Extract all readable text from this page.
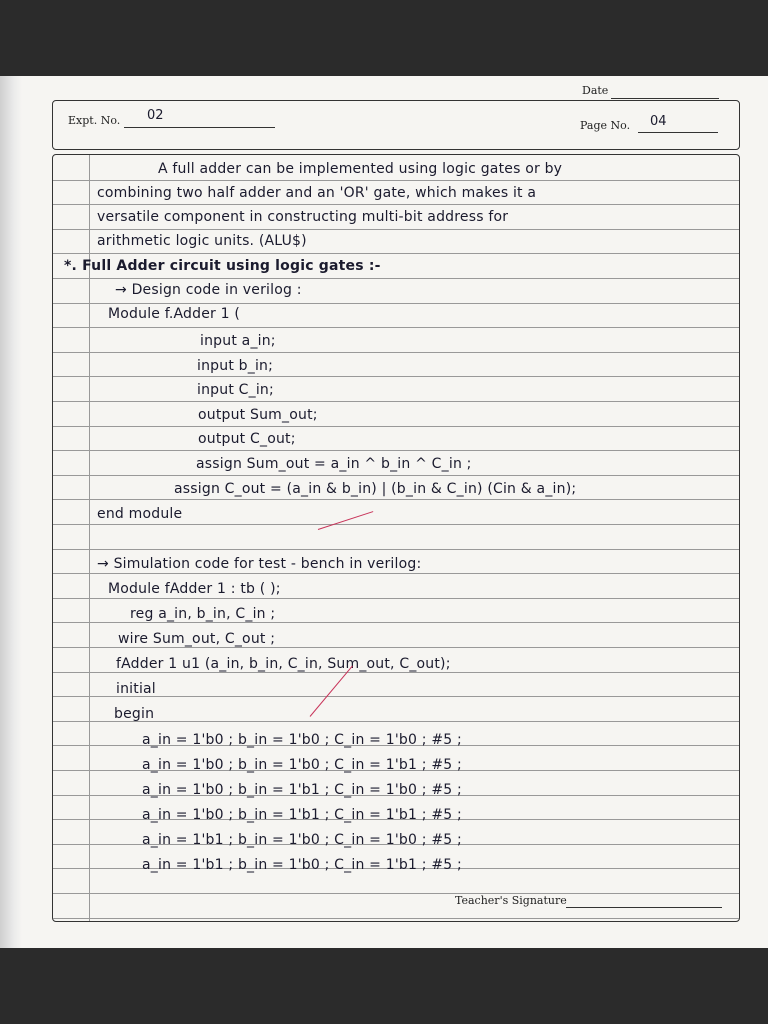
Date
Expt. No. 02
Page No. 04
A full adder can be implemented using logic gates or by
combining two half adder and an 'OR' gate, which makes it a
versatile component in constructing multi-bit address for
arithmetic logic units. (ALU$)
*. Full Adder circuit using logic gates :-
→ Design code in verilog :
Module f.Adder 1 (
input a_in;
input b_in;
input C_in;
output Sum_out;
output C_out;
assign Sum_out = a_in ^ b_in ^ C_in ;
assign C_out = (a_in & b_in) | (b_in & C_in) (Cin & a_in);
end module
→ Simulation code for test - bench in verilog:
Module fAdder 1 : tb ( );
reg a_in, b_in, C_in ;
wire Sum_out, C_out ;
fAdder 1 u1 (a_in, b_in, C_in, Sum_out, C_out);
initial
begin
a_in = 1'b0 ; b_in = 1'b0 ; C_in = 1'b0 ; #5 ;
a_in = 1'b0 ; b_in = 1'b0 ; C_in = 1'b1 ; #5 ;
a_in = 1'b0 ; b_in = 1'b1 ; C_in = 1'b0 ; #5 ;
a_in = 1'b0 ; b_in = 1'b1 ; C_in = 1'b1 ; #5 ;
a_in = 1'b1 ; b_in = 1'b0 ; C_in = 1'b0 ; #5 ;
a_in = 1'b1 ; b_in = 1'b0 ; C_in = 1'b1 ; #5 ;
Teacher's Signature
